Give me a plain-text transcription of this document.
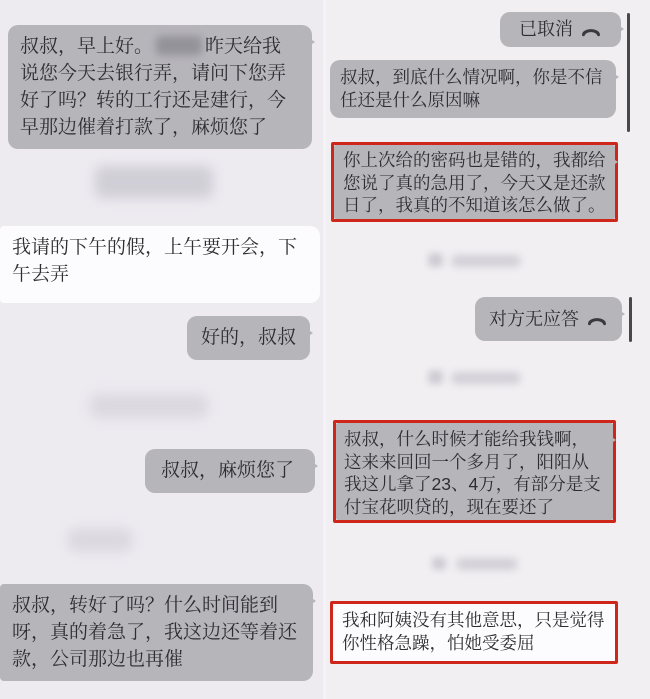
叔叔，早上好。	昨天给我说您今天去银行弄，请问下您弄好了吗？转的工行还是建行，今早那边催着打款了，麻烦您了
我请的下午的假，上午要开会，下午去弄
好的，叔叔
叔叔，麻烦您了
叔叔，转好了吗？什么时间能到呀，真的着急了，我这边还等着还款，公司那边也再催
已取消
叔叔，到底什么情况啊，你是不信任还是什么原因嘛
你上次给的密码也是错的，我都给您说了真的急用了，今天又是还款日了，我真的不知道该怎么做了。
对方无应答
叔叔，什么时候才能给我钱啊，这来来回回一个多月了，阳阳从我这儿拿了23、4万，有部分是支付宝花呗贷的，现在要还了
我和阿姨没有其他意思，只是觉得你性格急躁，怕她受委屈
